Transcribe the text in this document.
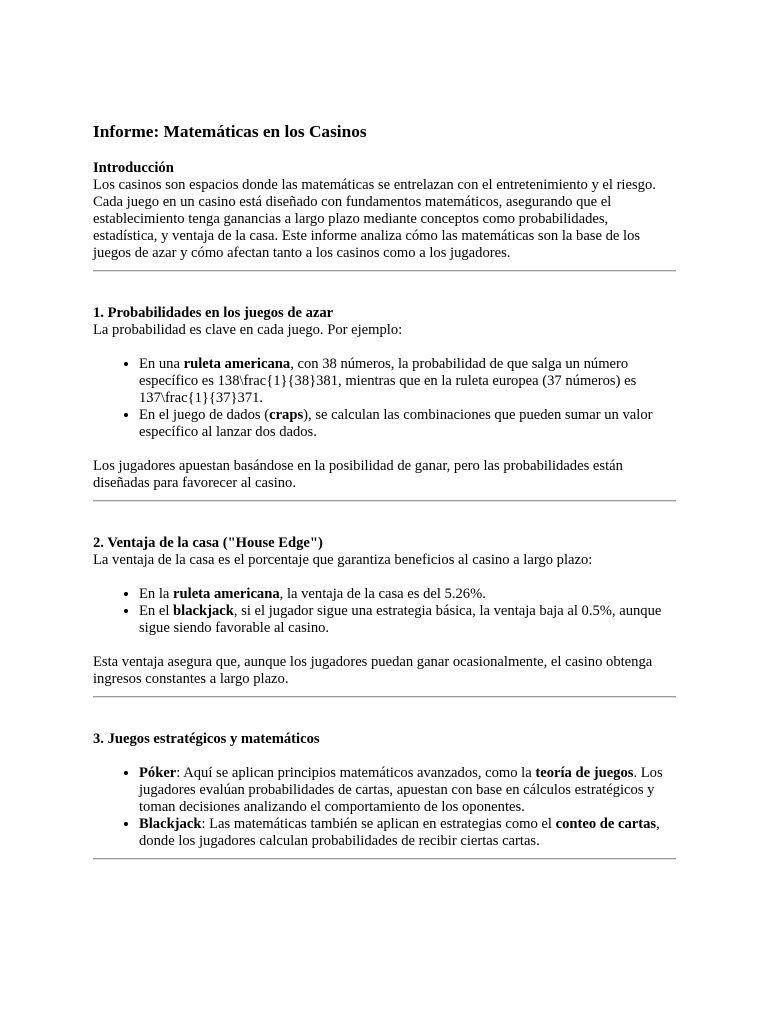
Informe: Matemáticas en los Casinos

Introducción

Los casinos son espacios donde las matemáticas se entrelazan con el entretenimiento y el riesgo. Cada juego en un casino está diseñado con fundamentos matemáticos, asegurando que el establecimiento tenga ganancias a largo plazo mediante conceptos como probabilidades, estadística, y ventaja de la casa. Este informe analiza cómo las matemáticas son la base de los juegos de azar y cómo afectan tanto a los casinos como a los jugadores.

1. Probabilidades en los juegos de azar

La probabilidad es clave en cada juego. Por ejemplo:

• En una ruleta americana, con 38 números, la probabilidad de que salga un número específico es 138\frac{1}{38}381, mientras que en la ruleta europea (37 números) es 137\frac{1}{37}371.
• En el juego de dados (craps), se calculan las combinaciones que pueden sumar un valor específico al lanzar dos dados.

Los jugadores apuestan basándose en la posibilidad de ganar, pero las probabilidades están diseñadas para favorecer al casino.

2. Ventaja de la casa ("House Edge")

La ventaja de la casa es el porcentaje que garantiza beneficios al casino a largo plazo:

• En la ruleta americana, la ventaja de la casa es del 5.26%.
• En el blackjack, si el jugador sigue una estrategia básica, la ventaja baja al 0.5%, aunque sigue siendo favorable al casino.

Esta ventaja asegura que, aunque los jugadores puedan ganar ocasionalmente, el casino obtenga ingresos constantes a largo plazo.

3. Juegos estratégicos y matemáticos

• Póker: Aquí se aplican principios matemáticos avanzados, como la teoría de juegos. Los jugadores evalúan probabilidades de cartas, apuestan con base en cálculos estratégicos y toman decisiones analizando el comportamiento de los oponentes.
• Blackjack: Las matemáticas también se aplican en estrategias como el conteo de cartas, donde los jugadores calculan probabilidades de recibir ciertas cartas.
